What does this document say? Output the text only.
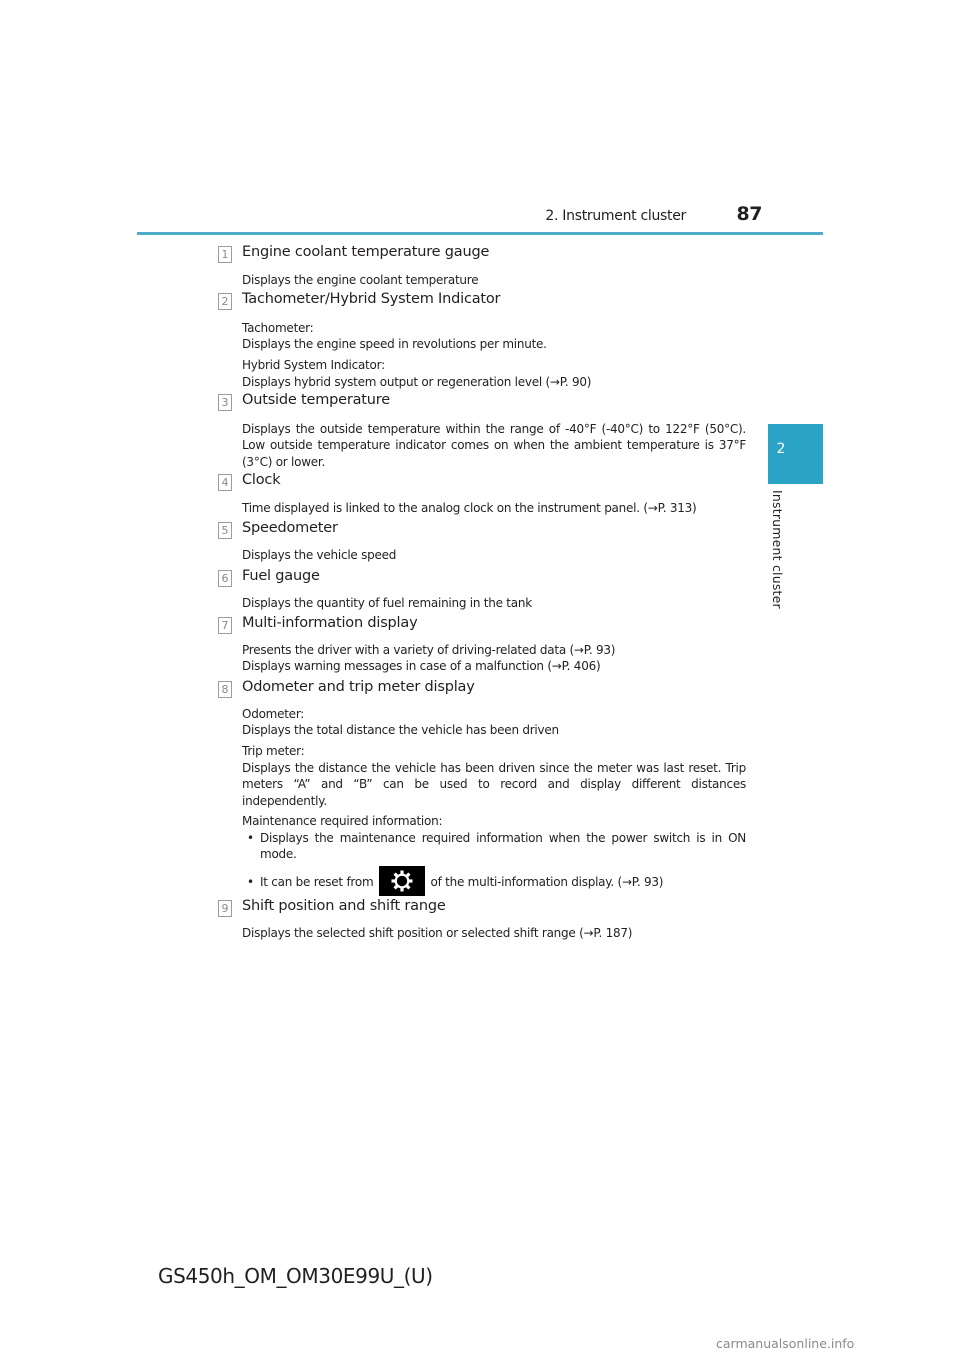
2. Instrument cluster	87
2
Instrument cluster
1 Engine coolant temperature gauge

Displays the engine coolant temperature

2 Tachometer/Hybrid System Indicator

Tachometer:
Displays the engine speed in revolutions per minute.

Hybrid System Indicator:
Displays hybrid system output or regeneration level (→P. 90)

3 Outside temperature

Displays the outside temperature within the range of -40°F (-40°C) to 122°F (50°C). Low outside temperature indicator comes on when the ambient temperature is 37°F (3°C) or lower.

4 Clock

Time displayed is linked to the analog clock on the instrument panel. (→P. 313)

5 Speedometer

Displays the vehicle speed

6 Fuel gauge

Displays the quantity of fuel remaining in the tank

7 Multi-information display

Presents the driver with a variety of driving-related data (→P. 93)
Displays warning messages in case of a malfunction (→P. 406)

8 Odometer and trip meter display

Odometer:
Displays the total distance the vehicle has been driven

Trip meter:
Displays the distance the vehicle has been driven since the meter was last reset. Trip meters “A” and “B” can be used to record and display different distances independently.

Maintenance required information:

• Displays the maintenance required information when the power switch is in ON mode.
• It can be reset from	of the multi-information display. (→P. 93)
9 Shift position and shift range

Displays the selected shift position or selected shift range (→P. 187)

GS450h_OM_OM30E99U_(U)
carmanualsonline.info
